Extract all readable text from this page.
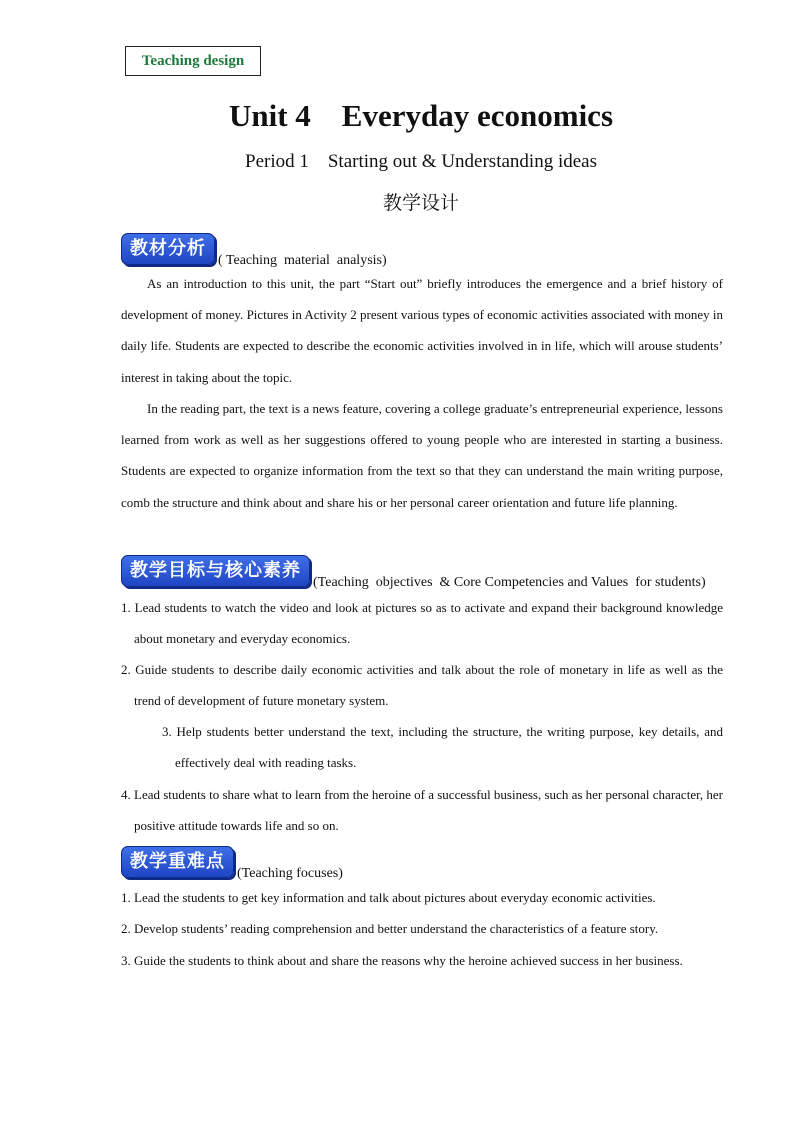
Teaching design
Unit 4    Everyday economics
Period 1    Starting out & Understanding ideas
教学设计
教材分析
( Teaching  material  analysis)
As an introduction to this unit, the part “Start out” briefly introduces the emergence and a brief history of development of money. Pictures in Activity 2 present various types of economic activities associated with money in daily life. Students are expected to describe the economic activities involved in in life, which will arouse students’ interest in taking about the topic.
In the reading part, the text is a news feature, covering a college graduate’s entrepreneurial experience, lessons learned from work as well as her suggestions offered to young people who are interested in starting a business. Students are expected to organize information from the text so that they can understand the main writing purpose, comb the structure and think about and share his or her personal career orientation and future life planning.
教学目标与核心素养
(Teaching  objectives  & Core Competencies and Values  for students)
1. Lead students to watch the video and look at pictures so as to activate and expand their background knowledge about monetary and everyday economics.
2. Guide students to describe daily economic activities and talk about the role of monetary in life as well as the trend of development of future monetary system.
3. Help students better understand the text, including the structure, the writing purpose, key details, and effectively deal with reading tasks.
4. Lead students to share what to learn from the heroine of a successful business, such as her personal character, her positive attitude towards life and so on.
教学重难点
(Teaching focuses)
1. Lead the students to get key information and talk about pictures about everyday economic activities.
2. Develop students’ reading comprehension and better understand the characteristics of a feature story.
3. Guide the students to think about and share the reasons why the heroine achieved success in her business.
